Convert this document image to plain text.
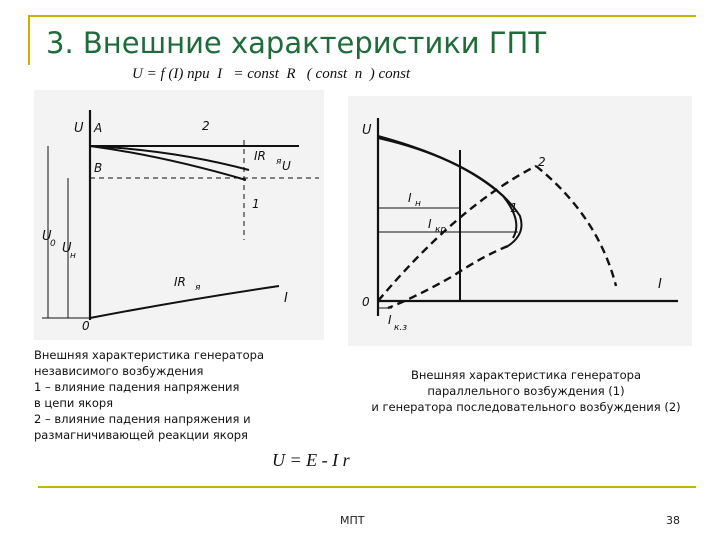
3. Внешние характеристики ГПТ
U = f (I) при  I   = const  R   ( const  n  ) const
U A
B
2
1
IR я U
U
0 U
н
IR я
I
0
U
2
1
I н
I кр
I
0
I
к.з
Внешняя характеристика генератора
независимого возбуждения
1 – влияние падения напряжения
в цепи якоря
2 – влияние падения напряжения и
размагничивающей реакции якоря
Внешняя характеристика генератора
параллельного возбуждения (1)
и генератора последовательного возбуждения (2)
U = E - I r
МПТ	38
